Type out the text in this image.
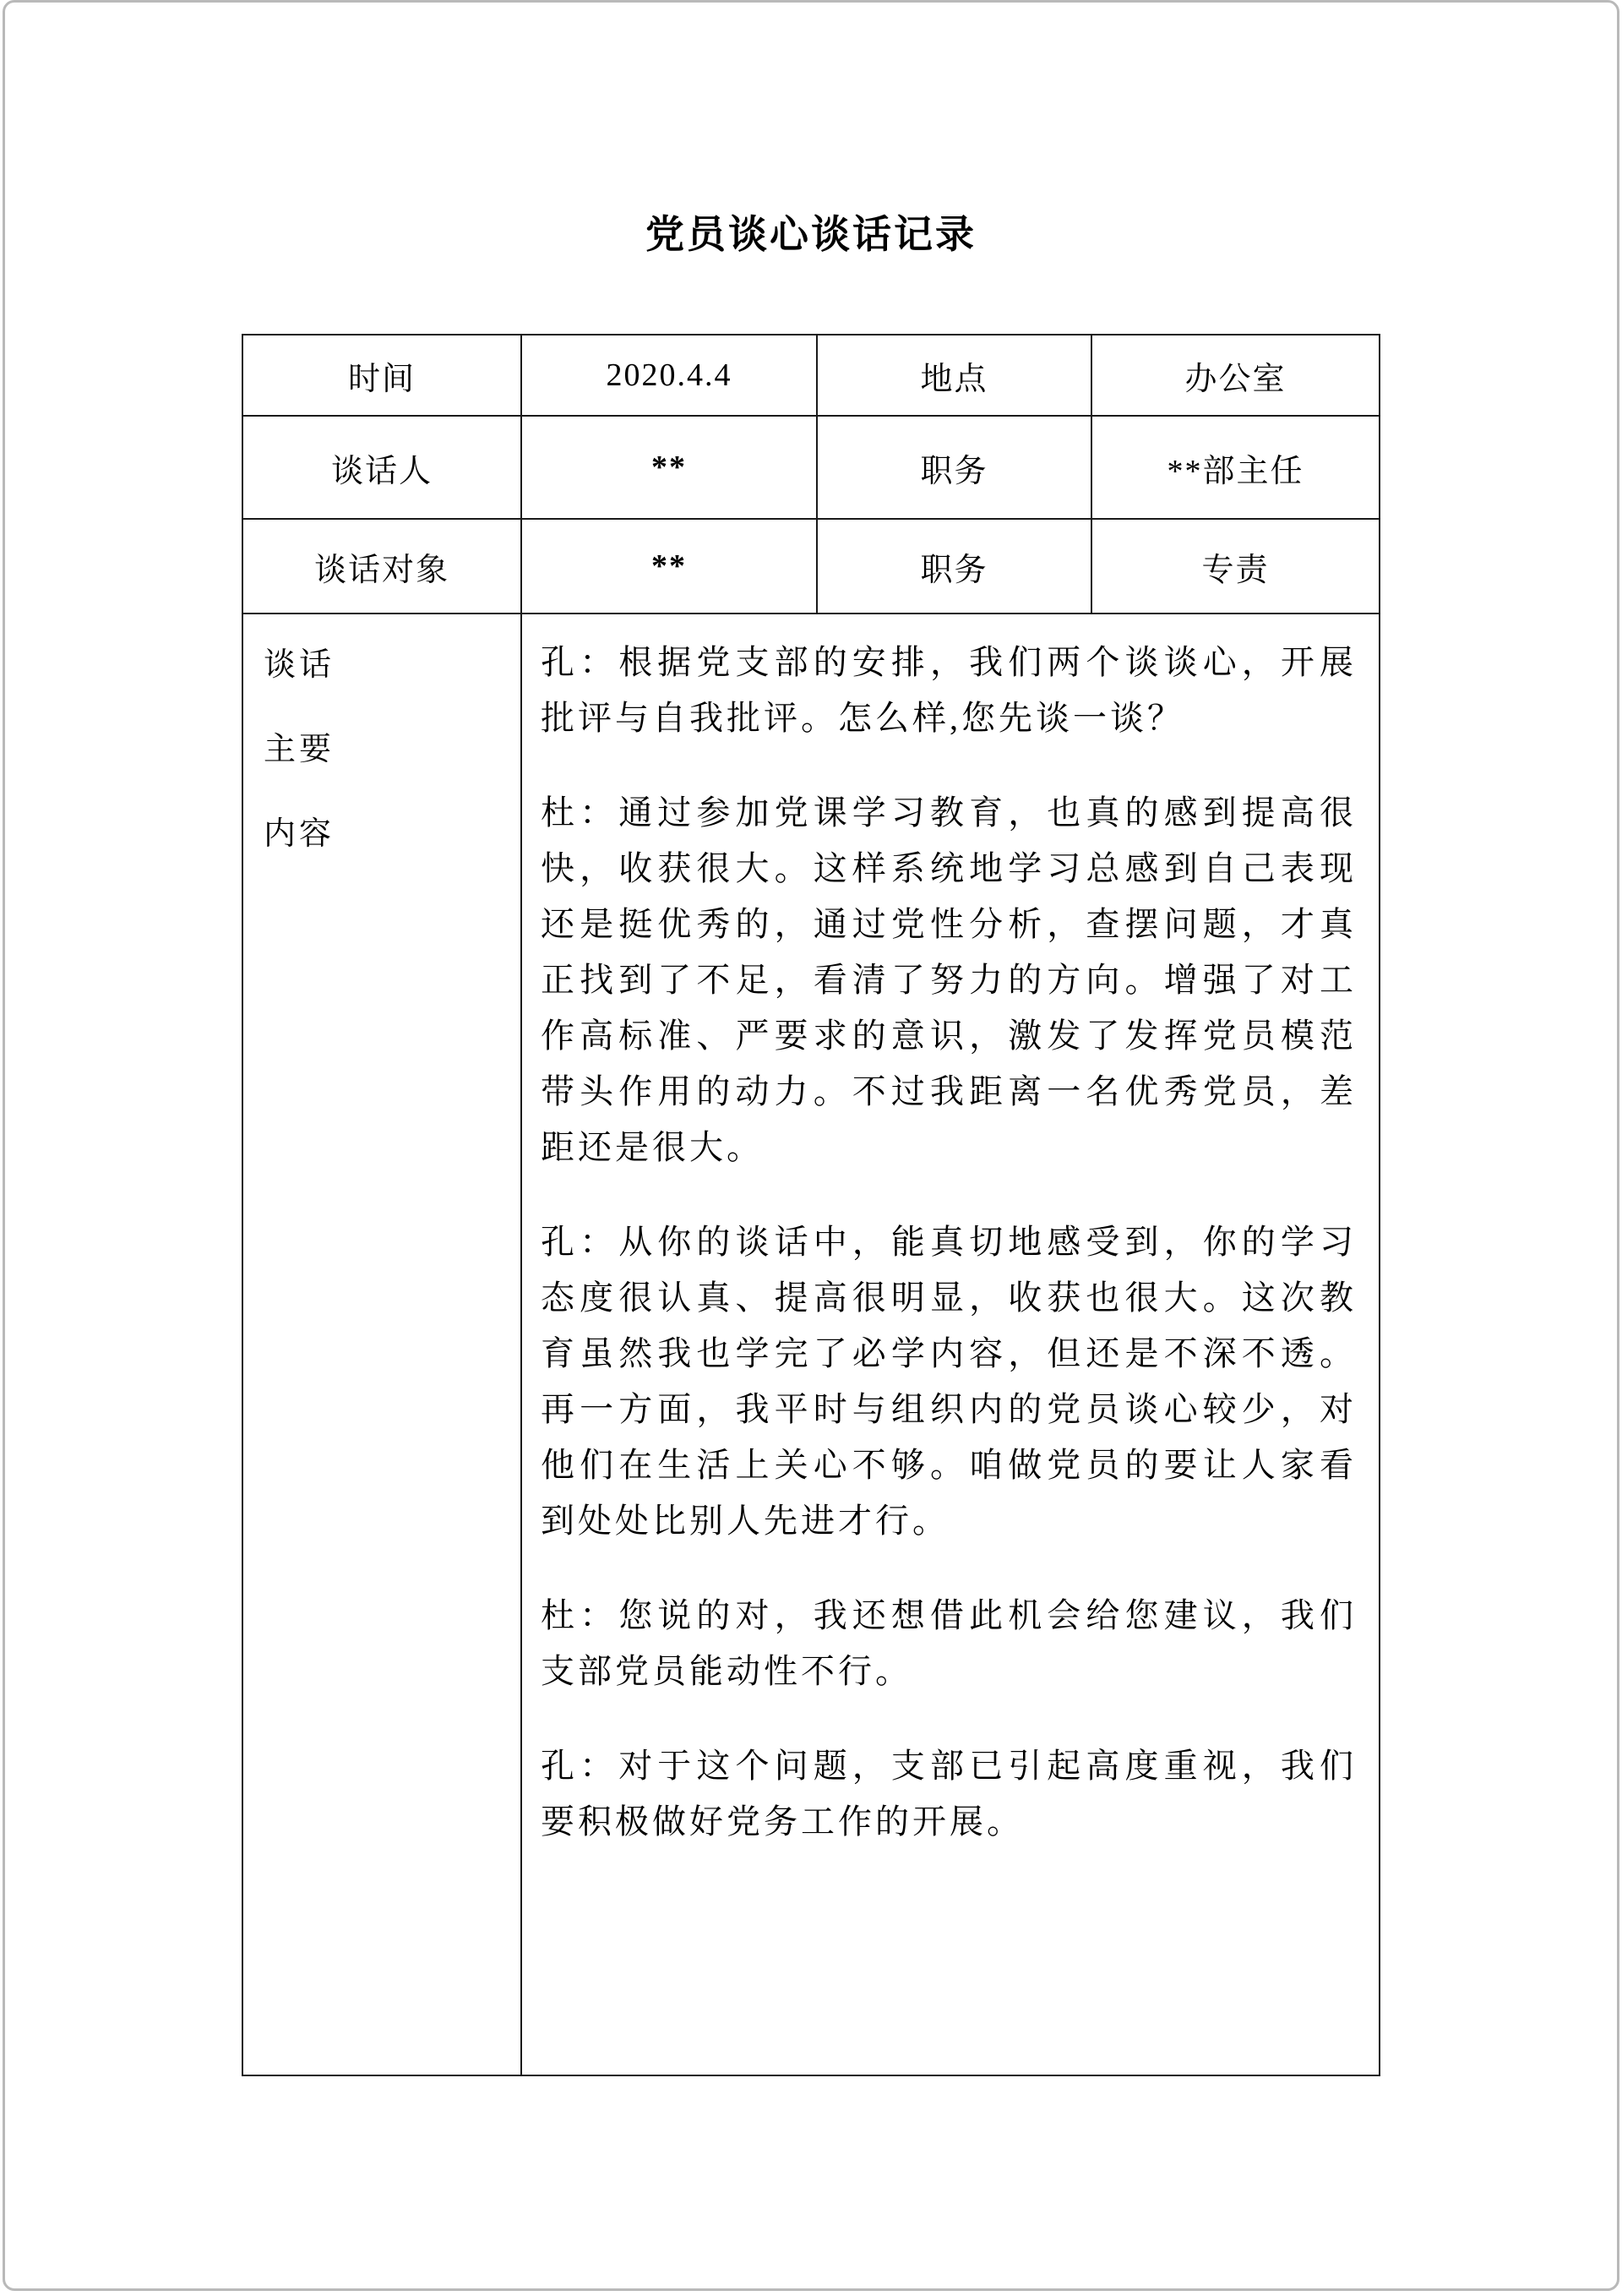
党员谈心谈话记录
时间	2020.4.4	地点	办公室
谈话人	**	职务	**部主任
谈话对象	**	职务	专责

谈话
主要
内容

孔：根据党支部的安排，我们两个谈谈心，开展批评与自我批评。怎么样,您先谈一谈？

杜：通过参加党课学习教育，也真的感到提高很快，收获很大。这样系统地学习总感到自己表现还是挺优秀的，通过党性分析，查摆问题，才真正找到了不足，看清了努力的方向。增强了对工作高标准、严要求的意识，激发了发挥党员模范带头作用的动力。不过我距离一名优秀党员，差距还是很大。

孔：从你的谈话中，能真切地感受到，你的学习态度很认真、提高很明显，收获也很大。这次教育虽然我也学完了必学内容，但还是不深不透。再一方面，我平时与组织内的党员谈心较少，对他们在生活上关心不够。咱做党员的要让人家看到处处比别人先进才行。

杜：您说的对，我还想借此机会给您建议，我们支部党员能动性不行。

孔：对于这个问题，支部已引起高度重视，我们要积极做好党务工作的开展。
